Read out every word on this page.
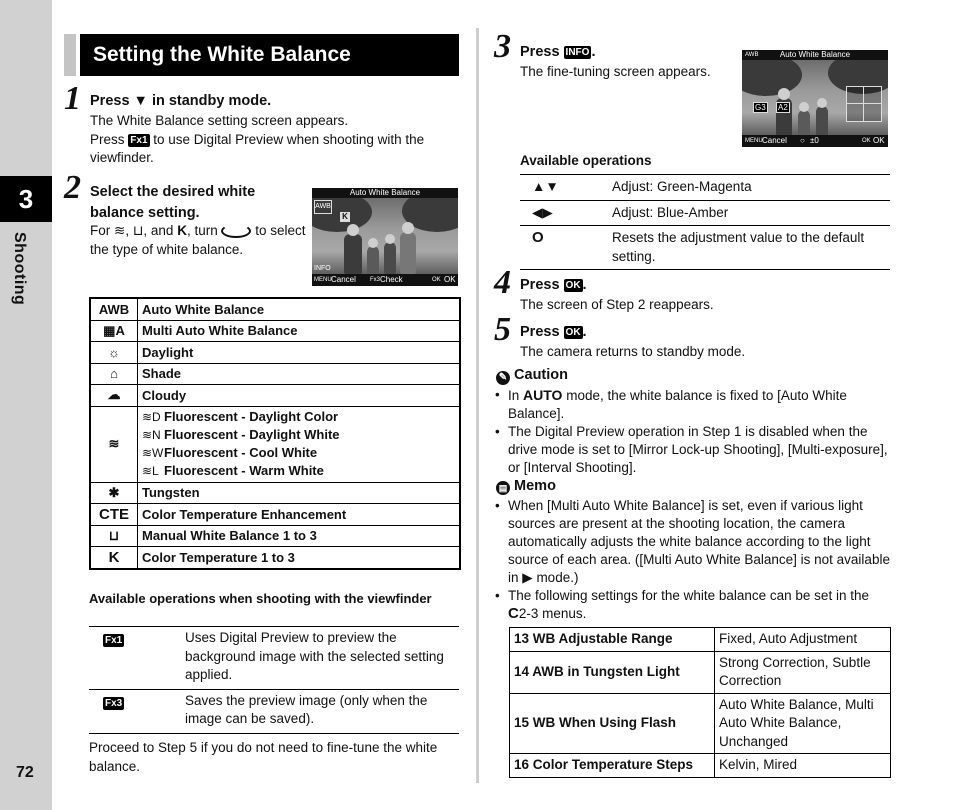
3
Shooting
72
Setting the White Balance
1 Press ▼ in standby mode.
The White Balance setting screen appears.
Press Fx1 to use Digital Preview when shooting with the viewfinder.
2 Select the desired white balance setting.
For ≋, ⊔, and K, turn	to select the type of white balance.
Auto White Balance
AWB
K
INFO
MENU Cancel Fx3 Check	OK OK
AWB	Auto White Balance
▦A	Multi Auto White Balance
☼	Daylight
⌂	Shade
☁	Cloudy
≋	≋D Fluorescent - Daylight Color
≋N Fluorescent - Daylight White
≋WFluorescent - Cool White
≋L Fluorescent - Warm White

✱	Tungsten
CTE	Color Temperature Enhancement
⊔	Manual White Balance 1 to 3
K	Color Temperature 1 to 3
Available operations when shooting with the viewfinder
Fx1	Uses Digital Preview to preview the background image with the selected setting applied.
Fx3	Saves the preview image (only when the image can be saved).
Proceed to Step 5 if you do not need to fine-tune the white balance.
3 Press INFO .
The fine-tuning screen appears.
Auto White Balance
AWB
G3 A2
MENU Cancel ○ ±0	OK OK
Available operations
▲▼	Adjust: Green-Magenta
◀▶	Adjust: Blue-Amber
O	Resets the adjustment value to the default setting.
4 Press OK .
The screen of Step 2 reappears.
5 Press OK .
The camera returns to standby mode.
✎ Caution
• In AUTO mode, the white balance is fixed to [Auto White Balance].
• The Digital Preview operation in Step 1 is disabled when the drive mode is set to [Mirror Lock-up Shooting], [Multi-exposure], or [Interval Shooting].
▤ Memo
• When [Multi Auto White Balance] is set, even if various light sources are present at the shooting location, the camera automatically adjusts the white balance according to the light source of each area. ([Multi Auto White Balance] is not available in ▶ mode.)
• The following settings for the white balance can be set in the C2-3 menus.
13 WB Adjustable Range	Fixed, Auto Adjustment
14 AWB in Tungsten Light	Strong Correction, Subtle Correction
15 WB When Using Flash	Auto White Balance, Multi Auto White Balance, Unchanged
16 Color Temperature Steps	Kelvin, Mired
